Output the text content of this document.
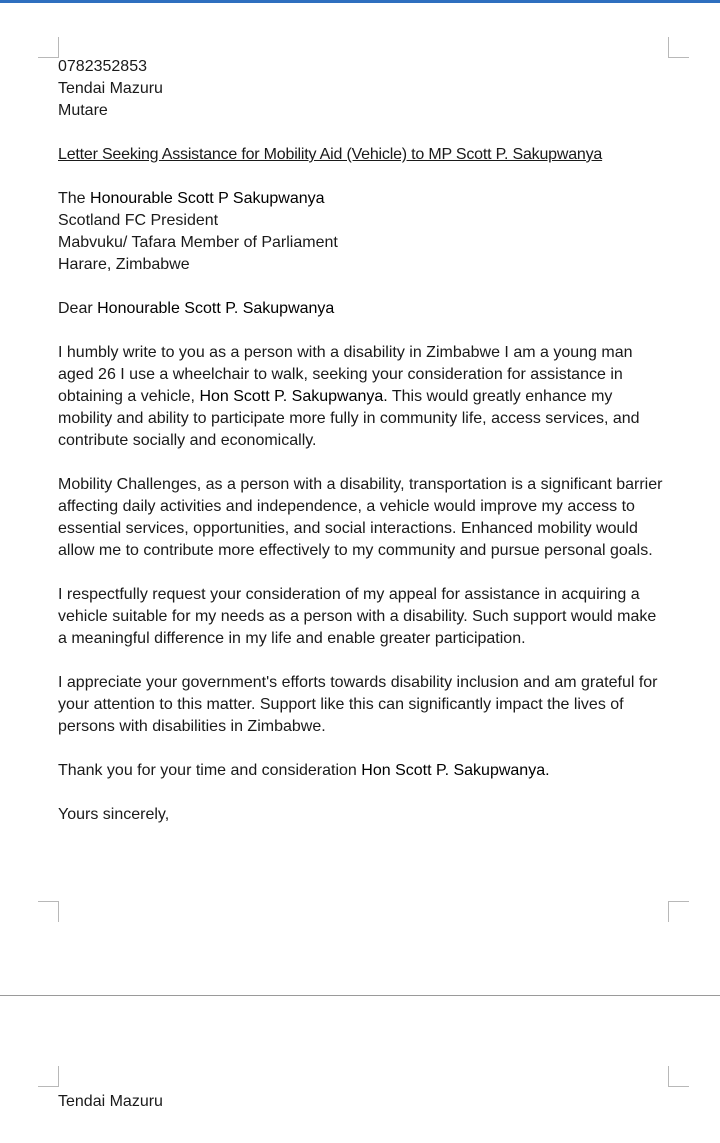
0782352853
Tendai Mazuru
Mutare
Letter Seeking Assistance for Mobility Aid (Vehicle) to MP Scott P. Sakupwanya
The Honourable Scott P Sakupwanya
Scotland FC President
Mabvuku/ Tafara Member of Parliament
Harare, Zimbabwe
Dear Honourable Scott P. Sakupwanya
I humbly write to you as a person with a disability in Zimbabwe I am a young man aged 26 I use a wheelchair to walk, seeking your consideration for assistance in obtaining a vehicle, Hon Scott P. Sakupwanya. This would greatly enhance my mobility and ability to participate more fully in community life, access services, and contribute socially and economically.
Mobility Challenges, as a person with a disability, transportation is a significant barrier affecting daily activities and independence, a vehicle would improve my access to essential services, opportunities, and social interactions. Enhanced mobility would allow me to contribute more effectively to my community and pursue personal goals.
I respectfully request your consideration of my appeal for assistance in acquiring a vehicle suitable for my needs as a person with a disability. Such support would make a meaningful difference in my life and enable greater participation.
I appreciate your government's efforts towards disability inclusion and am grateful for your attention to this matter. Support like this can significantly impact the lives of persons with disabilities in Zimbabwe.
Thank you for your time and consideration Hon Scott P. Sakupwanya.
Yours sincerely,
Tendai Mazuru
